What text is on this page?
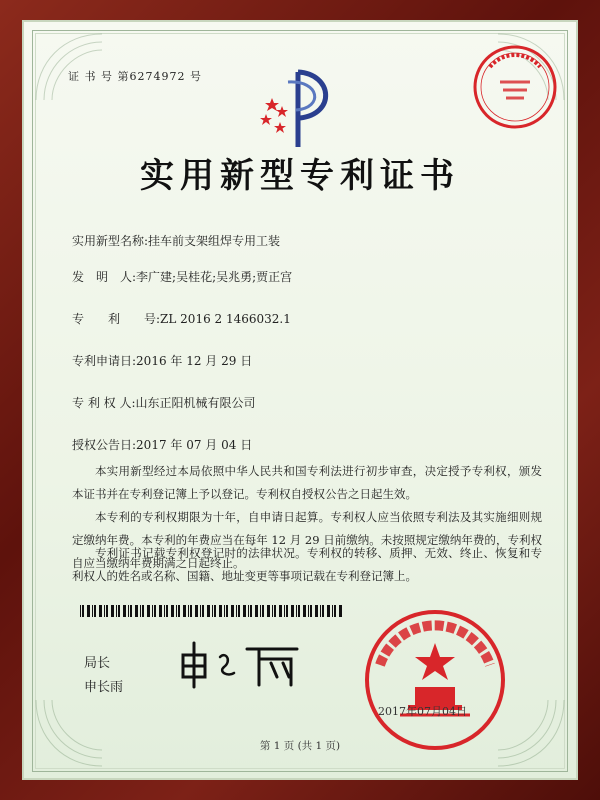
证 书 号 第6274972 号
实用新型专利证书
实用新型名称:挂车前支架组焊专用工装
发　明　人:李广建;吴桂花;吴兆勇;贾正宫
专　　利　　号:ZL 2016 2 1466032.1
专利申请日:2016 年 12 月 29 日
专 利 权 人:山东正阳机械有限公司
授权公告日:2017 年 07 月 04 日
本实用新型经过本局依照中华人民共和国专利法进行初步审查，决定授予专利权，颁发本证书并在专利登记簿上予以登记。专利权自授权公告之日起生效。
本专利的专利权期限为十年，自申请日起算。专利权人应当依照专利法及其实施细则规定缴纳年费。本专利的年费应当在每年 12 月 29 日前缴纳。未按照规定缴纳年费的，专利权自应当缴纳年费期满之日起终止。
专利证书记载专利权登记时的法律状况。专利权的转移、质押、无效、终止、恢复和专利权人的姓名或名称、国籍、地址变更等事项记载在专利登记簿上。
局长
申长雨
2017年07月04日
第 1 页 (共 1 页)
